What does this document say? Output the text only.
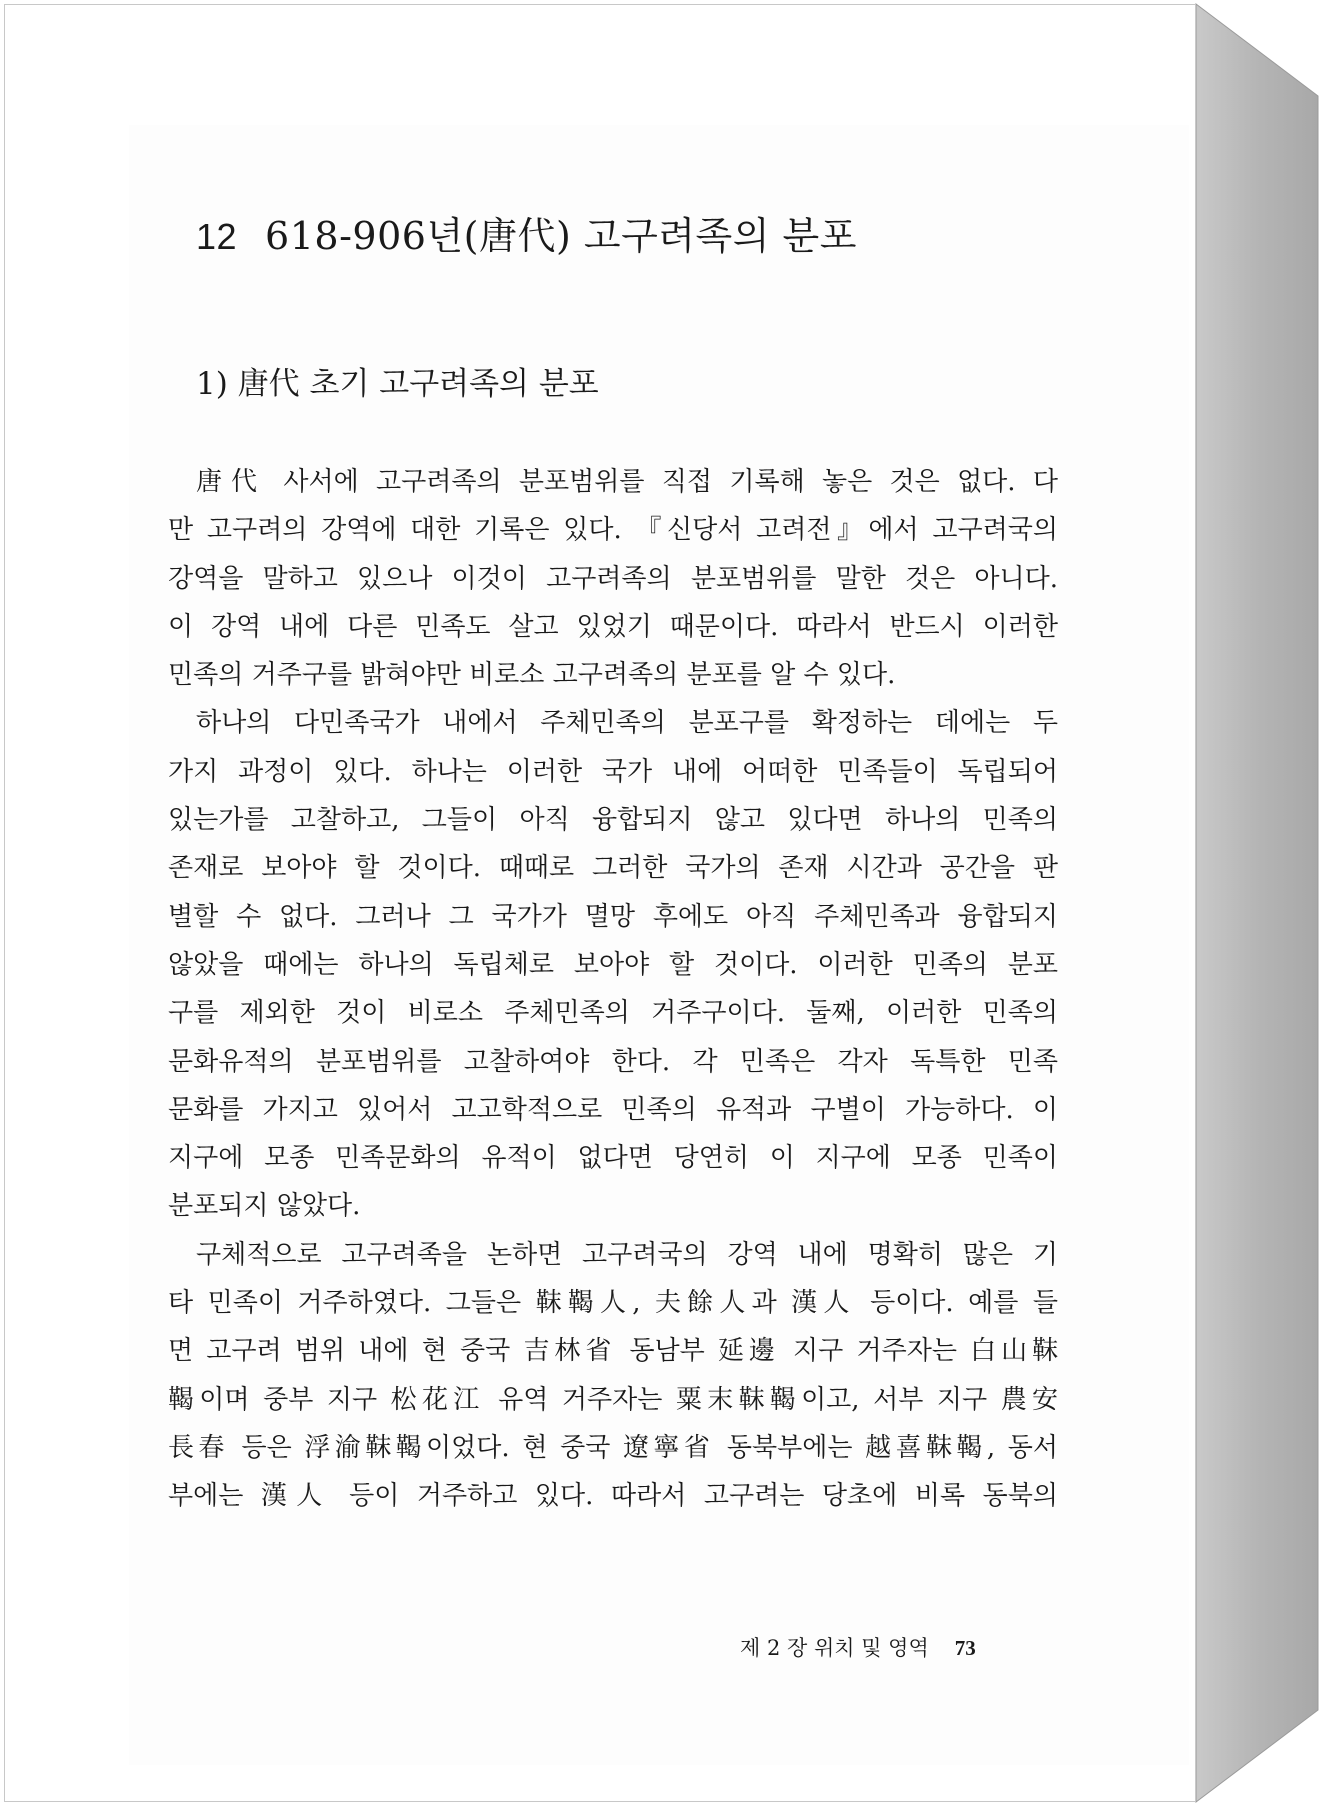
12 618-906년(唐代) 고구려족의 분포
1) 唐代 초기 고구려족의 분포
唐代 사서에 고구려족의 분포범위를 직접 기록해 놓은 것은 없다. 다
만 고구려의 강역에 대한 기록은 있다. 『신당서 고려전』에서 고구려국의
강역을 말하고 있으나 이것이 고구려족의 분포범위를 말한 것은 아니다.
이 강역 내에 다른 민족도 살고 있었기 때문이다. 따라서 반드시 이러한
민족의 거주구를 밝혀야만 비로소 고구려족의 분포를 알 수 있다.
하나의 다민족국가 내에서 주체민족의 분포구를 확정하는 데에는 두
가지 과정이 있다. 하나는 이러한 국가 내에 어떠한 민족들이 독립되어
있는가를 고찰하고, 그들이 아직 융합되지 않고 있다면 하나의 민족의
존재로 보아야 할 것이다. 때때로 그러한 국가의 존재 시간과 공간을 판
별할 수 없다. 그러나 그 국가가 멸망 후에도 아직 주체민족과 융합되지
않았을 때에는 하나의 독립체로 보아야 할 것이다. 이러한 민족의 분포
구를 제외한 것이 비로소 주체민족의 거주구이다. 둘째, 이러한 민족의
문화유적의 분포범위를 고찰하여야 한다. 각 민족은 각자 독특한 민족
문화를 가지고 있어서 고고학적으로 민족의 유적과 구별이 가능하다. 이
지구에 모종 민족문화의 유적이 없다면 당연히 이 지구에 모종 민족이
분포되지 않았다.
구체적으로 고구려족을 논하면 고구려국의 강역 내에 명확히 많은 기
타 민족이 거주하였다. 그들은 靺鞨人, 夫餘人과 漢人 등이다. 예를 들
면 고구려 범위 내에 현 중국 吉林省 동남부 延邊 지구 거주자는 白山靺
鞨이며 중부 지구 松花江 유역 거주자는 粟末靺鞨이고, 서부 지구 農安
長春 등은 浮渝靺鞨이었다. 현 중국 遼寧省 동북부에는 越喜靺鞨, 동서
부에는 漢人 등이 거주하고 있다. 따라서 고구려는 당초에 비록 동북의
제 2 장 위치 및 영역 73
